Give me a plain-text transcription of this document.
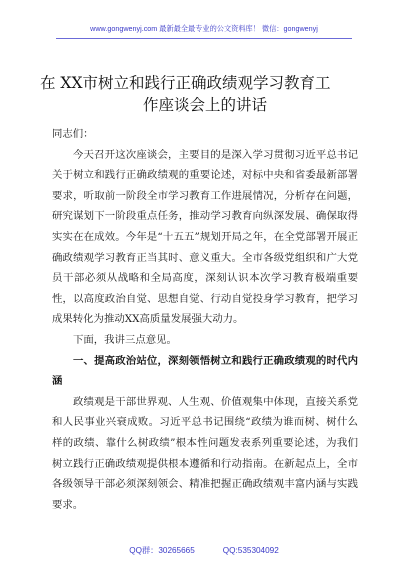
www.gongwenyj.com 最新最全最专业的公文资料库！ 微信：gongwenyj
在 XX市树立和践行正确政绩观学习教育工
作座谈会上的讲话

同志们：

今天召开这次座谈会，主要目的是深入学习贯彻习近平总书记关于树立和践行正确政绩观的重要论述，对标中央和省委最新部署要求，听取前一阶段全市学习教育工作进展情况，分析存在问题，研究谋划下一阶段重点任务，推动学习教育向纵深发展、确保取得实实在在成效。今年是“十五五”规划开局之年，在全党部署开展正确政绩观学习教育正当其时、意义重大。全市各级党组织和广大党员干部必须从战略和全局高度，深刻认识本次学习教育极端重要性，以高度政治自觉、思想自觉、行动自觉投身学习教育，把学习成果转化为推动XX高质量发展强大动力。

下面，我讲三点意见。

一、提高政治站位，深刻领悟树立和践行正确政绩观的时代内涵

政绩观是干部世界观、人生观、价值观集中体现，直接关系党和人民事业兴衰成败。习近平总书记围绕“政绩为谁而树、树什么样的政绩、靠什么树政绩”根本性问题发表系列重要论述，为我们树立践行正确政绩观提供根本遵循和行动指南。在新起点上，全市各级领导干部必须深刻领会、精准把握正确政绩观丰富内涵与实践要求。

QQ群：30265665	QQ:535304092
